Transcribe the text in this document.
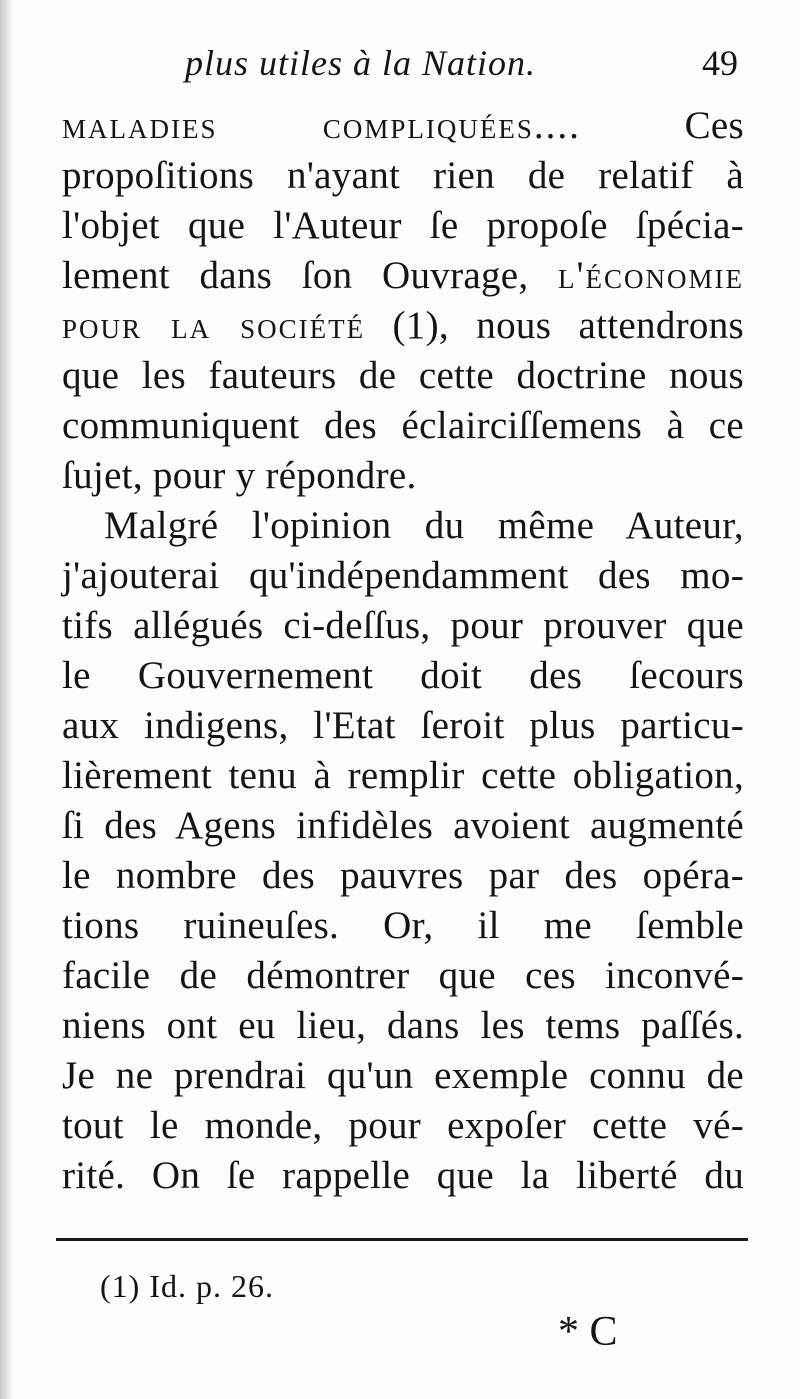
plus utiles à la Nation.	49
maladies compliquées.... Ces
propoſitions n'ayant rien de relatif à
l'objet que l'Auteur ſe propoſe ſpécia-
lement dans ſon Ouvrage, l'économie
pour la société (1), nous attendrons
que les fauteurs de cette doctrine nous
communiquent des éclairciſſemens à ce
ſujet, pour y répondre.
Malgré l'opinion du même Auteur,
j'ajouterai qu'indépendamment des mo-
tifs allégués ci-deſſus, pour prouver que
le Gouvernement doit des ſecours
aux indigens, l'Etat ſeroit plus particu-
lièrement tenu à remplir cette obligation,
ſi des Agens infidèles avoient augmenté
le nombre des pauvres par des opéra-
tions ruineuſes. Or, il me ſemble
facile de démontrer que ces inconvé-
niens ont eu lieu, dans les tems paſſés.
Je ne prendrai qu'un exemple connu de
tout le monde, pour expoſer cette vé-
rité. On ſe rappelle que la liberté du
(1) Id. p. 26.
* C
